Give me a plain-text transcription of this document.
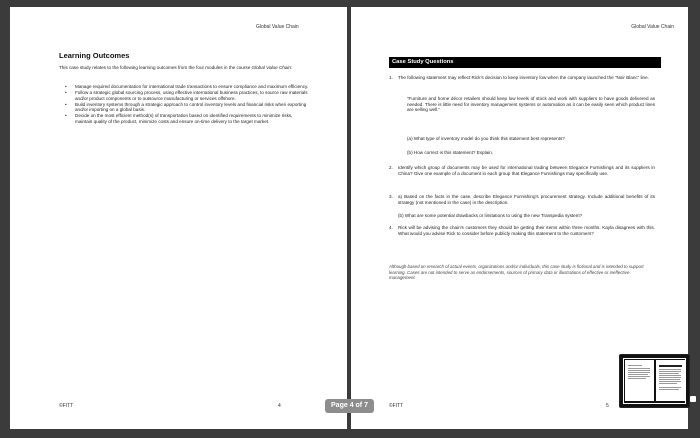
Global Value Chain
Learning Outcomes
This case study relates to the following learning outcomes from the four modules in the course Global Value Chain:
• Manage required documentation for international trade transactions to ensure compliance and maximum efficiency.
• Follow a strategic global sourcing process, using effective international business practices, to source raw materials and/or product components or to outsource manufacturing or services offshore.
• Build inventory systems through a strategic approach to control inventory levels and financial risks when exporting and/or importing on a global basis.
• Decide on the most efficient method(s) of transportation based on identified requirements to minimize risks, maintain quality of the product, minimize costs and ensure on-time delivery to the target market.
©FITT	4
Global Value Chain
Case Study Questions
1.	The following statement may reflect Rick’s decision to keep inventory low when the company launched the “Noir Blanc” line.
“Furniture and home décor retailers should keep low levels of stock and work with suppliers to have goods delivered as needed. There is little need for inventory management systems or automation as it can be easily seen which product lines are selling well.”
(a) What type of inventory model do you think this statement best represents?
(b) How correct is this statement? Explain.
2.	Identify which group of documents may be used for international trading between Elegance Furnishings and its suppliers in China? Give one example of a document in each group that Elegance Furnishings may specifically use.
3.	a) Based on the facts in the case, describe Elegance Furnishing’s procurement strategy. Include additional benefits of its strategy (not mentioned in the case) in the description.
(b) What are some potential drawbacks or limitations to using the new Transpedia system?
4.	Rick will be advising the chain’s customers they should be getting their items within three months. Kayla disagrees with this. What would you advise Rick to consider before publicly making this statement to the customers?
Although based on research of actual events, organizations and/or individuals, this case study is fictional and is intended to support learning. Cases are not intended to serve as endorsements, sources of primary data or illustrations of effective or ineffective management.
©FITT	5
Page 4 of 7
